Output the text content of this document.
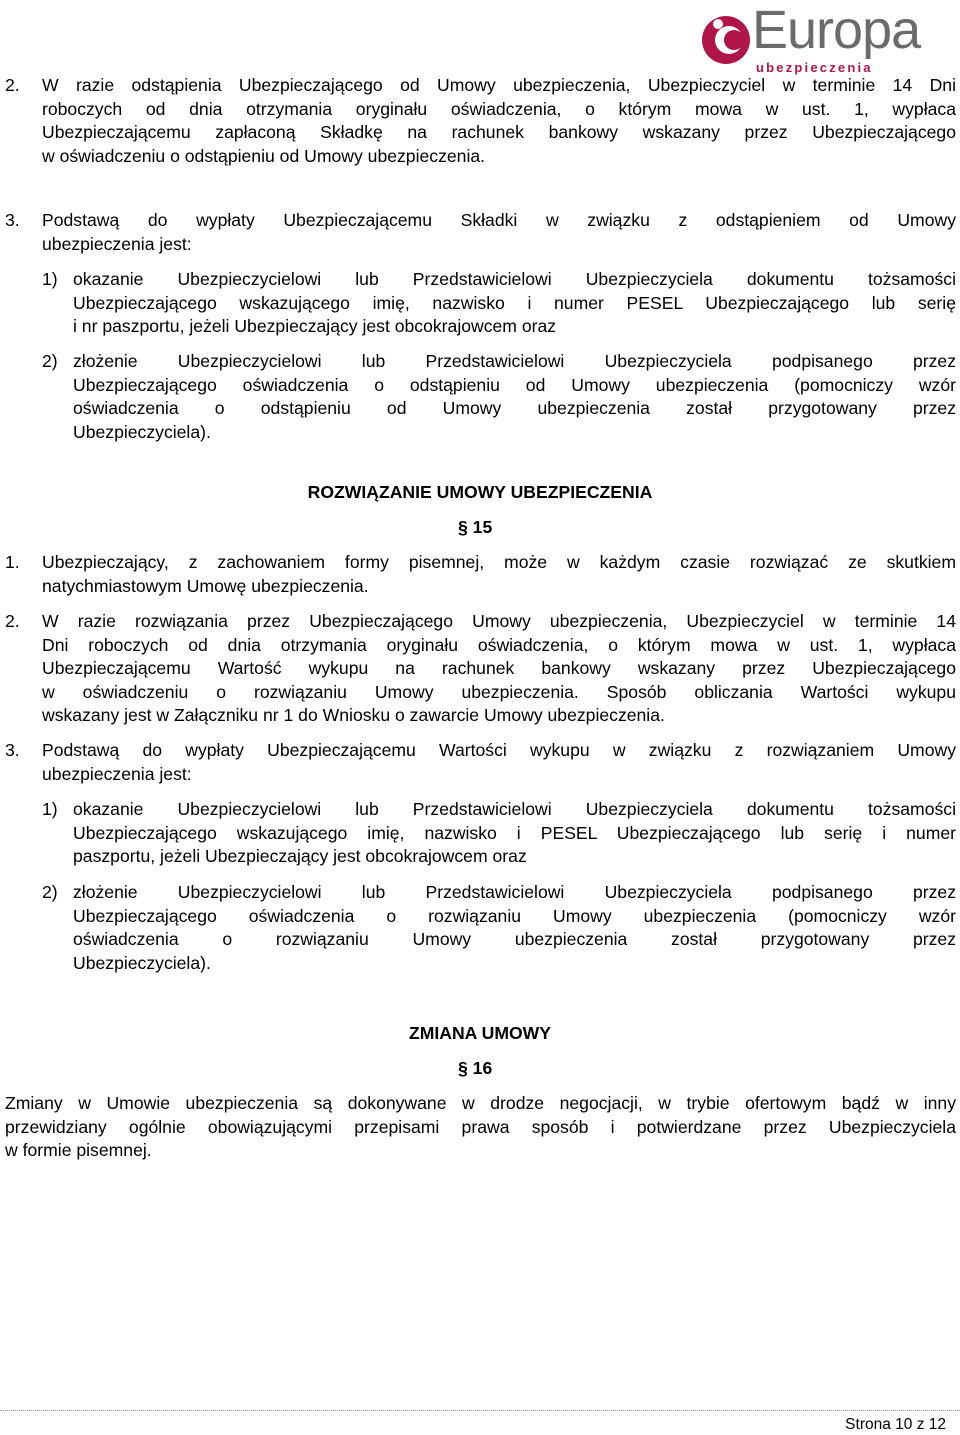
Europa
ubezpieczenia
2. W razie odstąpienia Ubezpieczającego od Umowy ubezpieczenia, Ubezpieczyciel w terminie 14 Dni
roboczych od dnia otrzymania oryginału oświadczenia, o którym mowa w ust. 1, wypłaca
Ubezpieczającemu zapłaconą Składkę na rachunek bankowy wskazany przez Ubezpieczającego
w oświadczeniu o odstąpieniu od Umowy ubezpieczenia.
3. Podstawą do wypłaty Ubezpieczającemu Składki w związku z odstąpieniem od Umowy
ubezpieczenia jest:
1) okazanie Ubezpieczycielowi lub Przedstawicielowi Ubezpieczyciela dokumentu tożsamości
Ubezpieczającego wskazującego imię, nazwisko i numer PESEL Ubezpieczającego lub serię
i nr paszportu, jeżeli Ubezpieczający jest obcokrajowcem oraz
2) złożenie Ubezpieczycielowi lub Przedstawicielowi Ubezpieczyciela podpisanego przez
Ubezpieczającego oświadczenia o odstąpieniu od Umowy ubezpieczenia (pomocniczy wzór
oświadczenia o odstąpieniu od Umowy ubezpieczenia został przygotowany przez
Ubezpieczyciela).
ROZWIĄZANIE UMOWY UBEZPIECZENIA
§ 15
1. Ubezpieczający, z zachowaniem formy pisemnej, może w każdym czasie rozwiązać ze skutkiem
natychmiastowym Umowę ubezpieczenia.
2. W razie rozwiązania przez Ubezpieczającego Umowy ubezpieczenia, Ubezpieczyciel w terminie 14
Dni roboczych od dnia otrzymania oryginału oświadczenia, o którym mowa w ust. 1, wypłaca
Ubezpieczającemu Wartość wykupu na rachunek bankowy wskazany przez Ubezpieczającego
w oświadczeniu o rozwiązaniu Umowy ubezpieczenia. Sposób obliczania Wartości wykupu
wskazany jest w Załączniku nr 1 do Wniosku o zawarcie Umowy ubezpieczenia.
3. Podstawą do wypłaty Ubezpieczającemu Wartości wykupu w związku z rozwiązaniem Umowy
ubezpieczenia jest:
1) okazanie Ubezpieczycielowi lub Przedstawicielowi Ubezpieczyciela dokumentu tożsamości
Ubezpieczającego wskazującego imię, nazwisko i PESEL Ubezpieczającego lub serię i numer
paszportu, jeżeli Ubezpieczający jest obcokrajowcem oraz
2) złożenie Ubezpieczycielowi lub Przedstawicielowi Ubezpieczyciela podpisanego przez
Ubezpieczającego oświadczenia o rozwiązaniu Umowy ubezpieczenia (pomocniczy wzór
oświadczenia o rozwiązaniu Umowy ubezpieczenia został przygotowany przez
Ubezpieczyciela).
ZMIANA UMOWY
§ 16
Zmiany w Umowie ubezpieczenia są dokonywane w drodze negocjacji, w trybie ofertowym bądź w inny
przewidziany ogólnie obowiązującymi przepisami prawa sposób i potwierdzane przez Ubezpieczyciela
w formie pisemnej.
Strona 10 z 12
